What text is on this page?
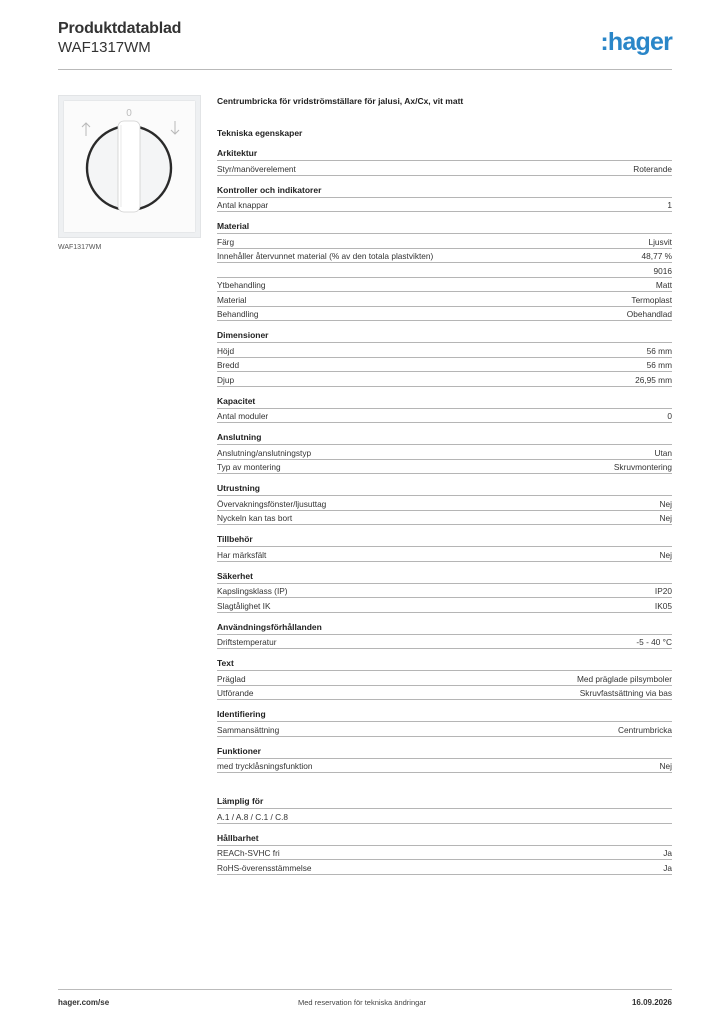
Produktdatablad
WAF1317WM	:hager
0
WAF1317WM
Centrumbricka för vridströmställare för jalusi, Ax/Cx, vit matt
Tekniska egenskaper
Arkitektur
Styr/manöverelement	Roterande
Kontroller och indikatorer
Antal knappar	1
Material
Färg	Ljusvit
Innehåller återvunnet material (% av den totala plastvikten)	48,77 %
9016
Ytbehandling	Matt
Material	Termoplast
Behandling	Obehandlad
Dimensioner
Höjd	56 mm
Bredd	56 mm
Djup	26,95 mm
Kapacitet
Antal moduler	0
Anslutning
Anslutning/anslutningstyp	Utan
Typ av montering	Skruvmontering
Utrustning
Övervakningsfönster/ljusuttag	Nej
Nyckeln kan tas bort	Nej
Tillbehör
Har märksfält	Nej
Säkerhet
Kapslingsklass (IP)	IP20
Slagtålighet IK	IK05
Användningsförhållanden
Driftstemperatur	-5 - 40 °C
Text
Präglad	Med präglade pilsymboler
Utförande	Skruvfastsättning via bas
Identifiering
Sammansättning	Centrumbricka
Funktioner
med trycklåsningsfunktion	Nej
Lämplig för
A.1 / A.8 / C.1 / C.8
Hållbarhet
REACh-SVHC fri	Ja
RoHS-överensstämmelse	Ja
hager.com/se	Med reservation för tekniska ändringar	16.09.2026
